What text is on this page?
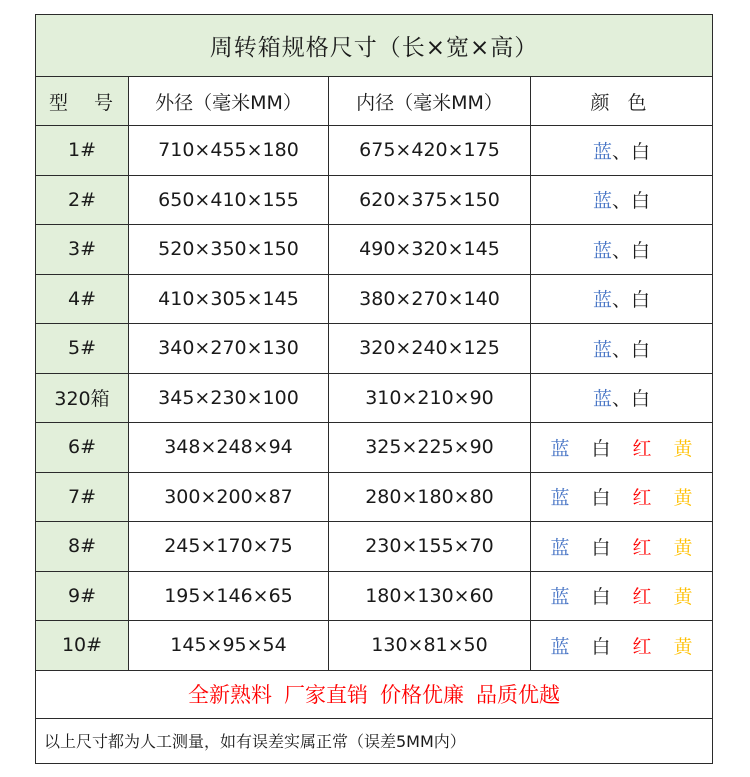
周转箱规格尺寸（长×宽×高）			
型 号	外径（毫米MM）	内径（毫米MM）	颜 色
1#	710×455×180	675×420×175	蓝、白
2#	650×410×155	620×375×150	蓝、白
3#	520×350×150	490×320×145	蓝、白
4#	410×305×145	380×270×140	蓝、白
5#	340×270×130	320×240×125	蓝、白
320箱	345×230×100	310×210×90	蓝、白
6#	348×248×94	325×225×90	蓝 白 红 黄
7#	300×200×87	280×180×80	蓝 白 红 黄
8#	245×170×75	230×155×70	蓝 白 红 黄
9#	195×146×65	180×130×60	蓝 白 红 黄
10#	145×95×54	130×81×50	蓝 白 红 黄
全新熟料 厂家直销 价格优廉 品质优越			
以上尺寸都为人工测量，如有误差实属正常（误差5MM内）			
